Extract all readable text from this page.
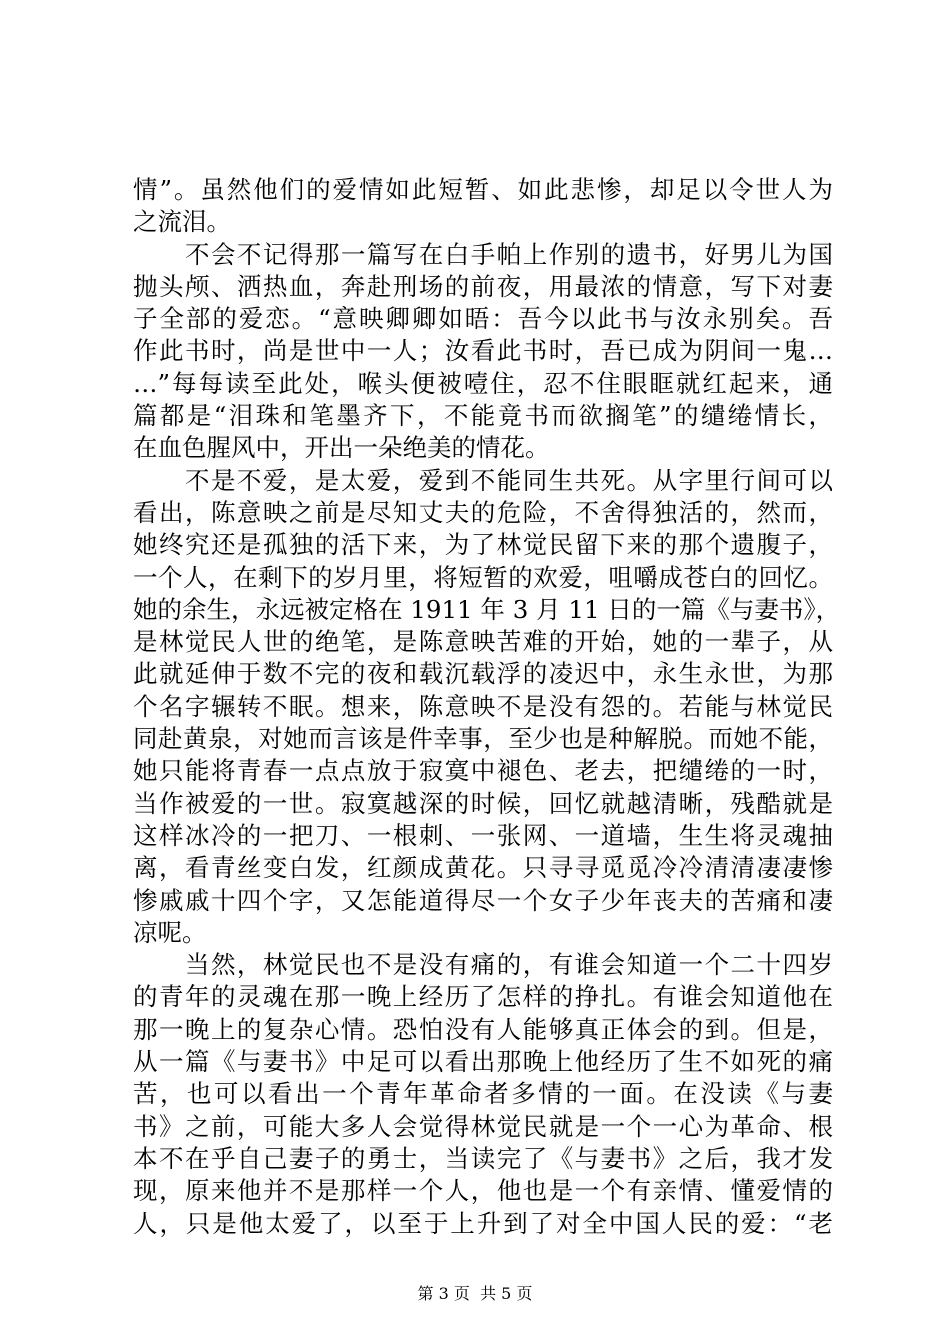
情”。虽然他们的爱情如此短暂、如此悲惨，却足以令世人为
之流泪。
　　不会不记得那一篇写在白手帕上作别的遗书，好男儿为国
抛头颅、洒热血，奔赴刑场的前夜，用最浓的情意，写下对妻
子全部的爱恋。“意映卿卿如晤：吾今以此书与汝永别矣。吾
作此书时，尚是世中一人；汝看此书时，吾已成为阴间一鬼…
…”每每读至此处，喉头便被噎住，忍不住眼眶就红起来，通
篇都是“泪珠和笔墨齐下，不能竟书而欲搁笔”的缱绻情长，
在血色腥风中，开出一朵绝美的情花。
　　不是不爱，是太爱，爱到不能同生共死。从字里行间可以
看出，陈意映之前是尽知丈夫的危险，不舍得独活的，然而，
她终究还是孤独的活下来，为了林觉民留下来的那个遗腹子，
一个人，在剩下的岁月里，将短暂的欢爱，咀嚼成苍白的回忆。
她的余生，永远被定格在 1911 年 3 月 11 日的一篇《与妻书》，
是林觉民人世的绝笔，是陈意映苦难的开始，她的一辈子，从
此就延伸于数不完的夜和载沉载浮的凌迟中，永生永世，为那
个名字辗转不眠。想来，陈意映不是没有怨的。若能与林觉民
同赴黄泉，对她而言该是件幸事，至少也是种解脱。而她不能，
她只能将青春一点点放于寂寞中褪色、老去，把缱绻的一时，
当作被爱的一世。寂寞越深的时候，回忆就越清晰，残酷就是
这样冰冷的一把刀、一根刺、一张网、一道墙，生生将灵魂抽
离，看青丝变白发，红颜成黄花。只寻寻觅觅冷冷清清凄凄惨
惨戚戚十四个字，又怎能道得尽一个女子少年丧夫的苦痛和凄
凉呢。
　　当然，林觉民也不是没有痛的，有谁会知道一个二十四岁
的青年的灵魂在那一晚上经历了怎样的挣扎。有谁会知道他在
那一晚上的复杂心情。恐怕没有人能够真正体会的到。但是，
从一篇《与妻书》中足可以看出那晚上他经历了生不如死的痛
苦，也可以看出一个青年革命者多情的一面。在没读《与妻
书》之前，可能大多人会觉得林觉民就是一个一心为革命、根
本不在乎自己妻子的勇士，当读完了《与妻书》之后，我才发
现，原来他并不是那样一个人，他也是一个有亲情、懂爱情的
人，只是他太爱了，以至于上升到了对全中国人民的爱：“老
第 3 页  共 5 页
